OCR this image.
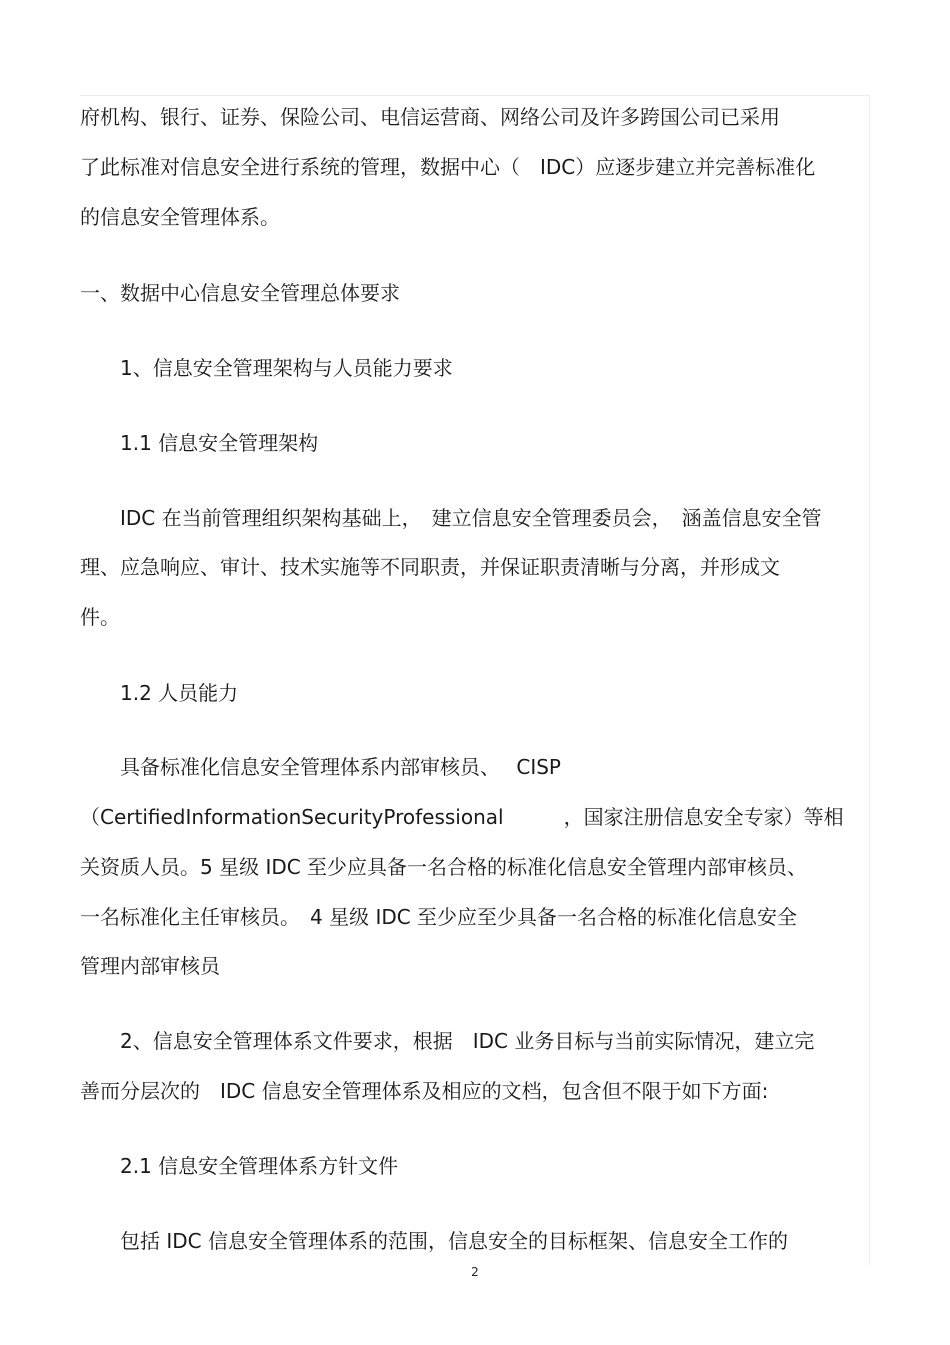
府机构、银行、证券、保险公司、电信运营商、网络公司及许多跨国公司已采用
了此标准对信息安全进行系统的管理，数据中心（　IDC）应逐步建立并完善标准化
的信息安全管理体系。
一、数据中心信息安全管理总体要求
1、信息安全管理架构与人员能力要求
1.1 信息安全管理架构
IDC 在当前管理组织架构基础上，　建立信息安全管理委员会，　涵盖信息安全管
理、应急响应、审计、技术实施等不同职责，并保证职责清晰与分离，并形成文
件。
1.2 人员能力
具备标准化信息安全管理体系内部审核员、　 CISP
（CertifiedInformationSecurityProfessional　　　，国家注册信息安全专家）等相
关资质人员。5 星级 IDC 至少应具备一名合格的标准化信息安全管理内部审核员、
一名标准化主任审核员。　4 星级 IDC 至少应至少具备一名合格的标准化信息安全
管理内部审核员
2、信息安全管理体系文件要求，根据　IDC 业务目标与当前实际情况，建立完
善而分层次的　IDC 信息安全管理体系及相应的文档，包含但不限于如下方面:
2.1 信息安全管理体系方针文件
包括 IDC 信息安全管理体系的范围，信息安全的目标框架、信息安全工作的
2
